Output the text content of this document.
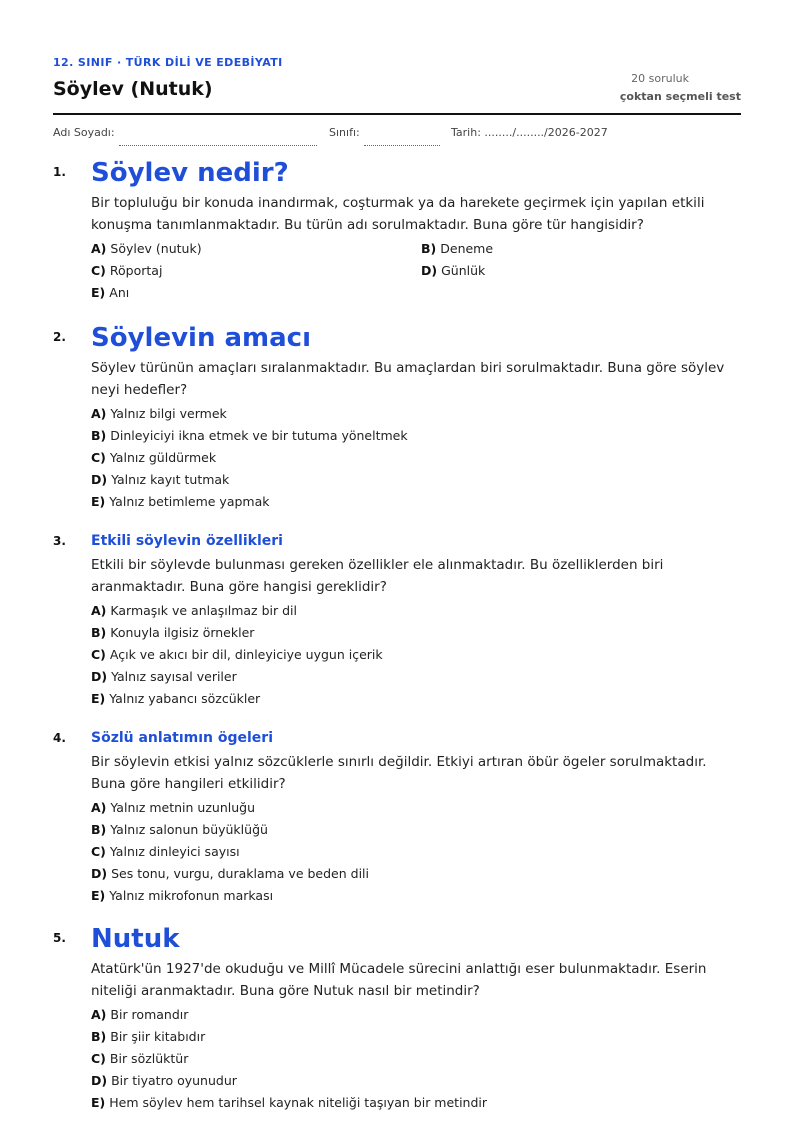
12. SINIF · TÜRK DİLİ VE EDEBİYATI
Söylev (Nutuk)	20 soruluk
çoktan seçmeli test
Adı Soyadı:	Sınıfı:	Tarih: ......../......../2026-2027
1. Söylev nedir?
Bir topluluğu bir konuda inandırmak, coşturmak ya da harekete geçirmek için yapılan etkili konuşma tanımlanmaktadır. Bu türün adı sorulmaktadır. Buna göre tür hangisidir?
A) Söylev (nutuk)	B) Deneme
C) Röportaj	D) Günlük
E) Anı
2. Söylevin amacı
Söylev türünün amaçları sıralanmaktadır. Bu amaçlardan biri sorulmaktadır. Buna göre söylev neyi hedefler?
A) Yalnız bilgi vermek
B) Dinleyiciyi ikna etmek ve bir tutuma yöneltmek
C) Yalnız güldürmek
D) Yalnız kayıt tutmak
E) Yalnız betimleme yapmak
3. Etkili söylevin özellikleri
Etkili bir söylevde bulunması gereken özellikler ele alınmaktadır. Bu özelliklerden biri aranmaktadır. Buna göre hangisi gereklidir?
A) Karmaşık ve anlaşılmaz bir dil
B) Konuyla ilgisiz örnekler
C) Açık ve akıcı bir dil, dinleyiciye uygun içerik
D) Yalnız sayısal veriler
E) Yalnız yabancı sözcükler
4. Sözlü anlatımın ögeleri
Bir söylevin etkisi yalnız sözcüklerle sınırlı değildir. Etkiyi artıran öbür ögeler sorulmaktadır. Buna göre hangileri etkilidir?
A) Yalnız metnin uzunluğu
B) Yalnız salonun büyüklüğü
C) Yalnız dinleyici sayısı
D) Ses tonu, vurgu, duraklama ve beden dili
E) Yalnız mikrofonun markası
5. Nutuk
Atatürk'ün 1927'de okuduğu ve Millî Mücadele sürecini anlattığı eser bulunmaktadır. Eserin niteliği aranmaktadır. Buna göre Nutuk nasıl bir metindir?
A) Bir romandır
B) Bir şiir kitabıdır
C) Bir sözlüktür
D) Bir tiyatro oyunudur
E) Hem söylev hem tarihsel kaynak niteliği taşıyan bir metindir
